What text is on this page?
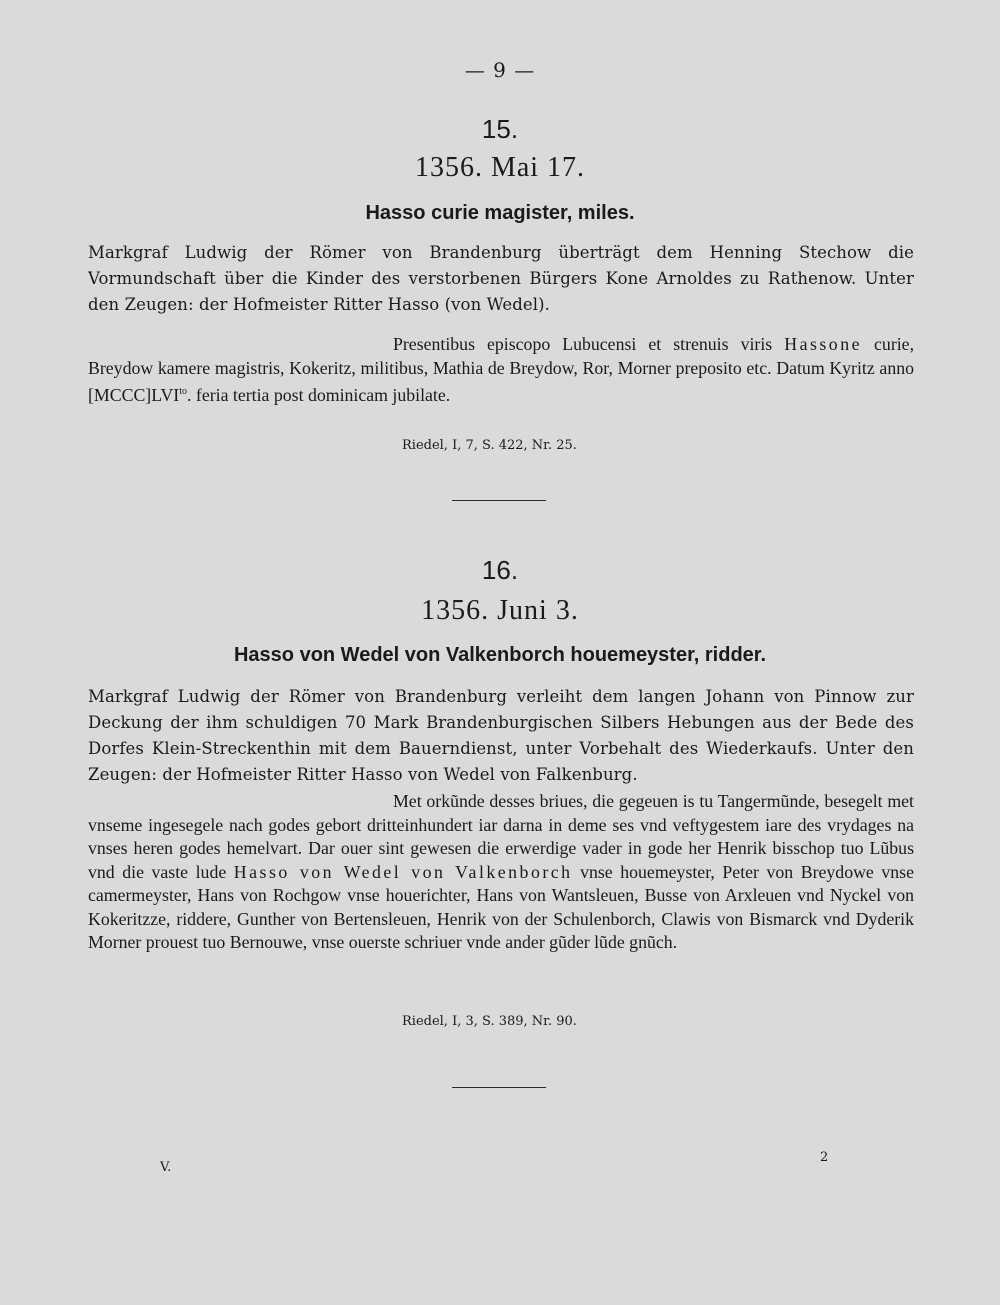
— 9 —
15.
1356. Mai 17.
Hasso curie magister, miles.
Markgraf Ludwig der Römer von Brandenburg überträgt dem Henning Stechow die Vormundschaft über die Kinder des verstorbenen Bürgers Kone Arnoldes zu Rathenow. Unter den Zeugen: der Hofmeister Ritter Hasso (von Wedel).
Presentibus episcopo Lubucensi et strenuis viris Hassone curie, Breydow kamere magistris, Kokeritz, militibus, Mathia de Breydow, Ror, Morner preposito etc. Datum Kyritz anno $[MCCC]LVI^{to}$. feria tertia post dominicam jubilate.
Riedel, I, 7, S. 422, Nr. 25.
16.
1356. Juni 3.
Hasso von Wedel von Valkenborch houemeyster, ridder.
Markgraf Ludwig der Römer von Brandenburg verleiht dem langen Johann von Pinnow zur Deckung der ihm schuldigen 70 Mark Brandenburgischen Silbers Hebungen aus der Bede des Dorfes Klein-Streckenthin mit dem Bauerndienst, unter Vorbehalt des Wiederkaufs. Unter den Zeugen: der Hofmeister Ritter Hasso von Wedel von Falkenburg.
Met orkũnde desses briues, die gegeuen is tu Tangermũnde, besegelt met vnseme ingesegele nach godes gebort dritteinhundert iar darna in deme ses vnd veftygestem iare des vrydages na vnses heren godes hemelvart. Dar ouer sint gewesen die erwerdige vader in gode her Henrik bisschop tuo Lũbus vnd die vaste lude Hasso von Wedel von Valkenborch vnse houemeyster, Peter von Breydowe vnse camermeyster, Hans von Rochgow vnse houerichter, Hans von Wantsleuen, Busse von Arxleuen vnd Nyckel von Kokeritzze, riddere, Gunther von Bertensleuen, Henrik von der Schulenborch, Clawis von Bismarck vnd Dyderik Morner prouest tuo Bernouwe, vnse ouerste schriuer vnde ander gũder lũde gnũch.
Riedel, I, 3, S. 389, Nr. 90.
V.
2
